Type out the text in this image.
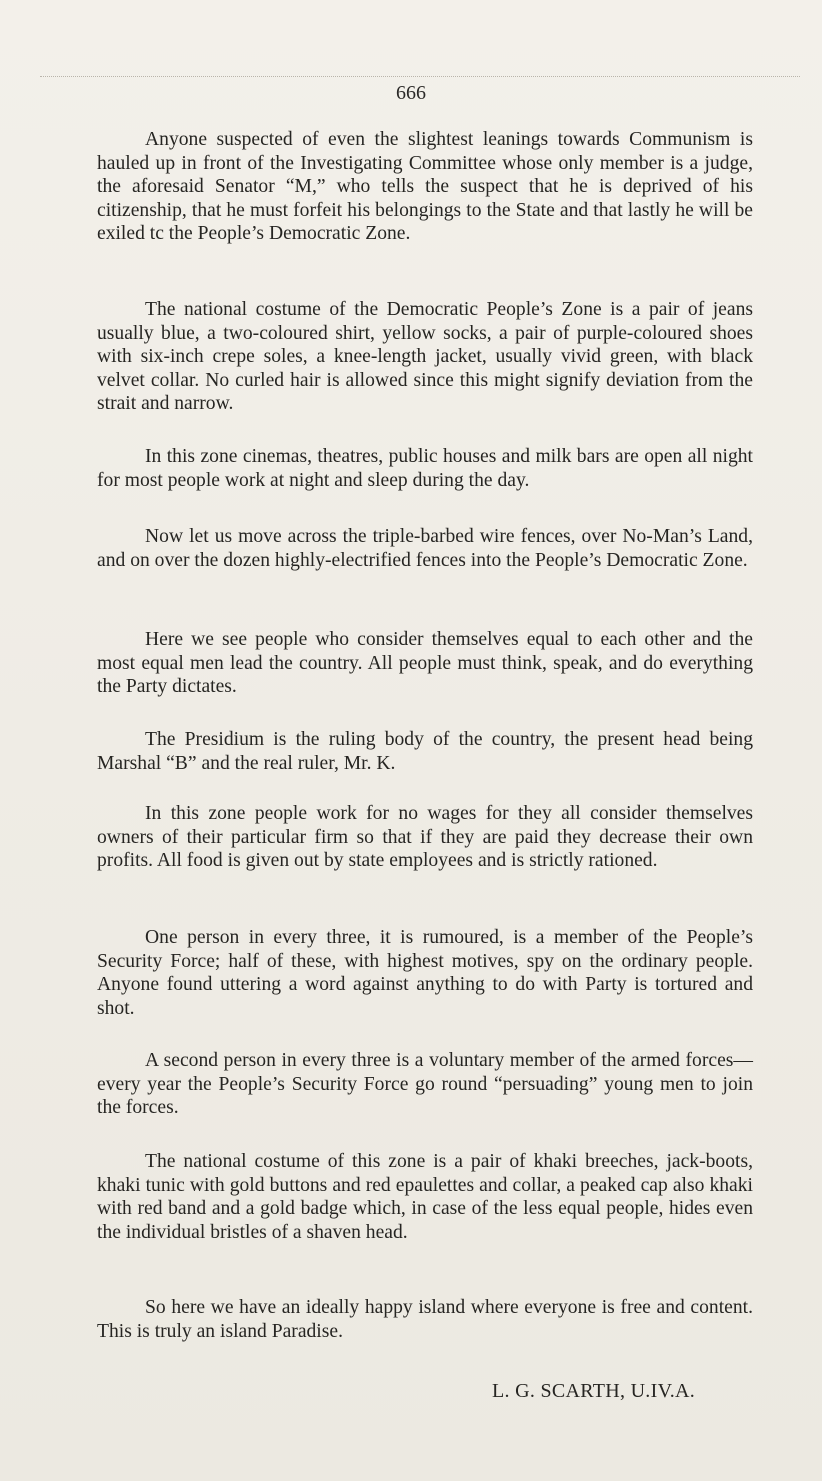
666

Anyone suspected of even the slightest leanings towards Communism is hauled up in front of the Investigating Committee whose only member is a judge, the aforesaid Senator “M,” who tells the suspect that he is deprived of his citizenship, that he must forfeit his belongings to the State and that lastly he will be exiled tc the People’s Democratic Zone.

The national costume of the Democratic People’s Zone is a pair of jeans usually blue, a two-coloured shirt, yellow socks, a pair of purple-coloured shoes with six-inch crepe soles, a knee-length jacket, usually vivid green, with black velvet collar. No curled hair is allowed since this might signify deviation from the strait and narrow.

In this zone cinemas, theatres, public houses and milk bars are open all night for most people work at night and sleep during the day.

Now let us move across the triple-barbed wire fences, over No-Man’s Land, and on over the dozen highly-electrified fences into the People’s Democratic Zone.

Here we see people who consider themselves equal to each other and the most equal men lead the country. All people must think, speak, and do everything the Party dictates.

The Presidium is the ruling body of the country, the present head being Marshal “B” and the real ruler, Mr. K.

In this zone people work for no wages for they all consider themselves owners of their particular firm so that if they are paid they decrease their own profits. All food is given out by state employees and is strictly rationed.

One person in every three, it is rumoured, is a member of the People’s Security Force; half of these, with highest motives, spy on the ordinary people. Anyone found uttering a word against anything to do with Party is tortured and shot.

A second person in every three is a voluntary member of the armed forces—every year the People’s Security Force go round “persuading” young men to join the forces.

The national costume of this zone is a pair of khaki breeches, jack-boots, khaki tunic with gold buttons and red epaulettes and collar, a peaked cap also khaki with red band and a gold badge which, in case of the less equal people, hides even the individual bristles of a shaven head.

So here we have an ideally happy island where everyone is free and content. This is truly an island Paradise.

L. G. SCARTH, U.IV.A.
